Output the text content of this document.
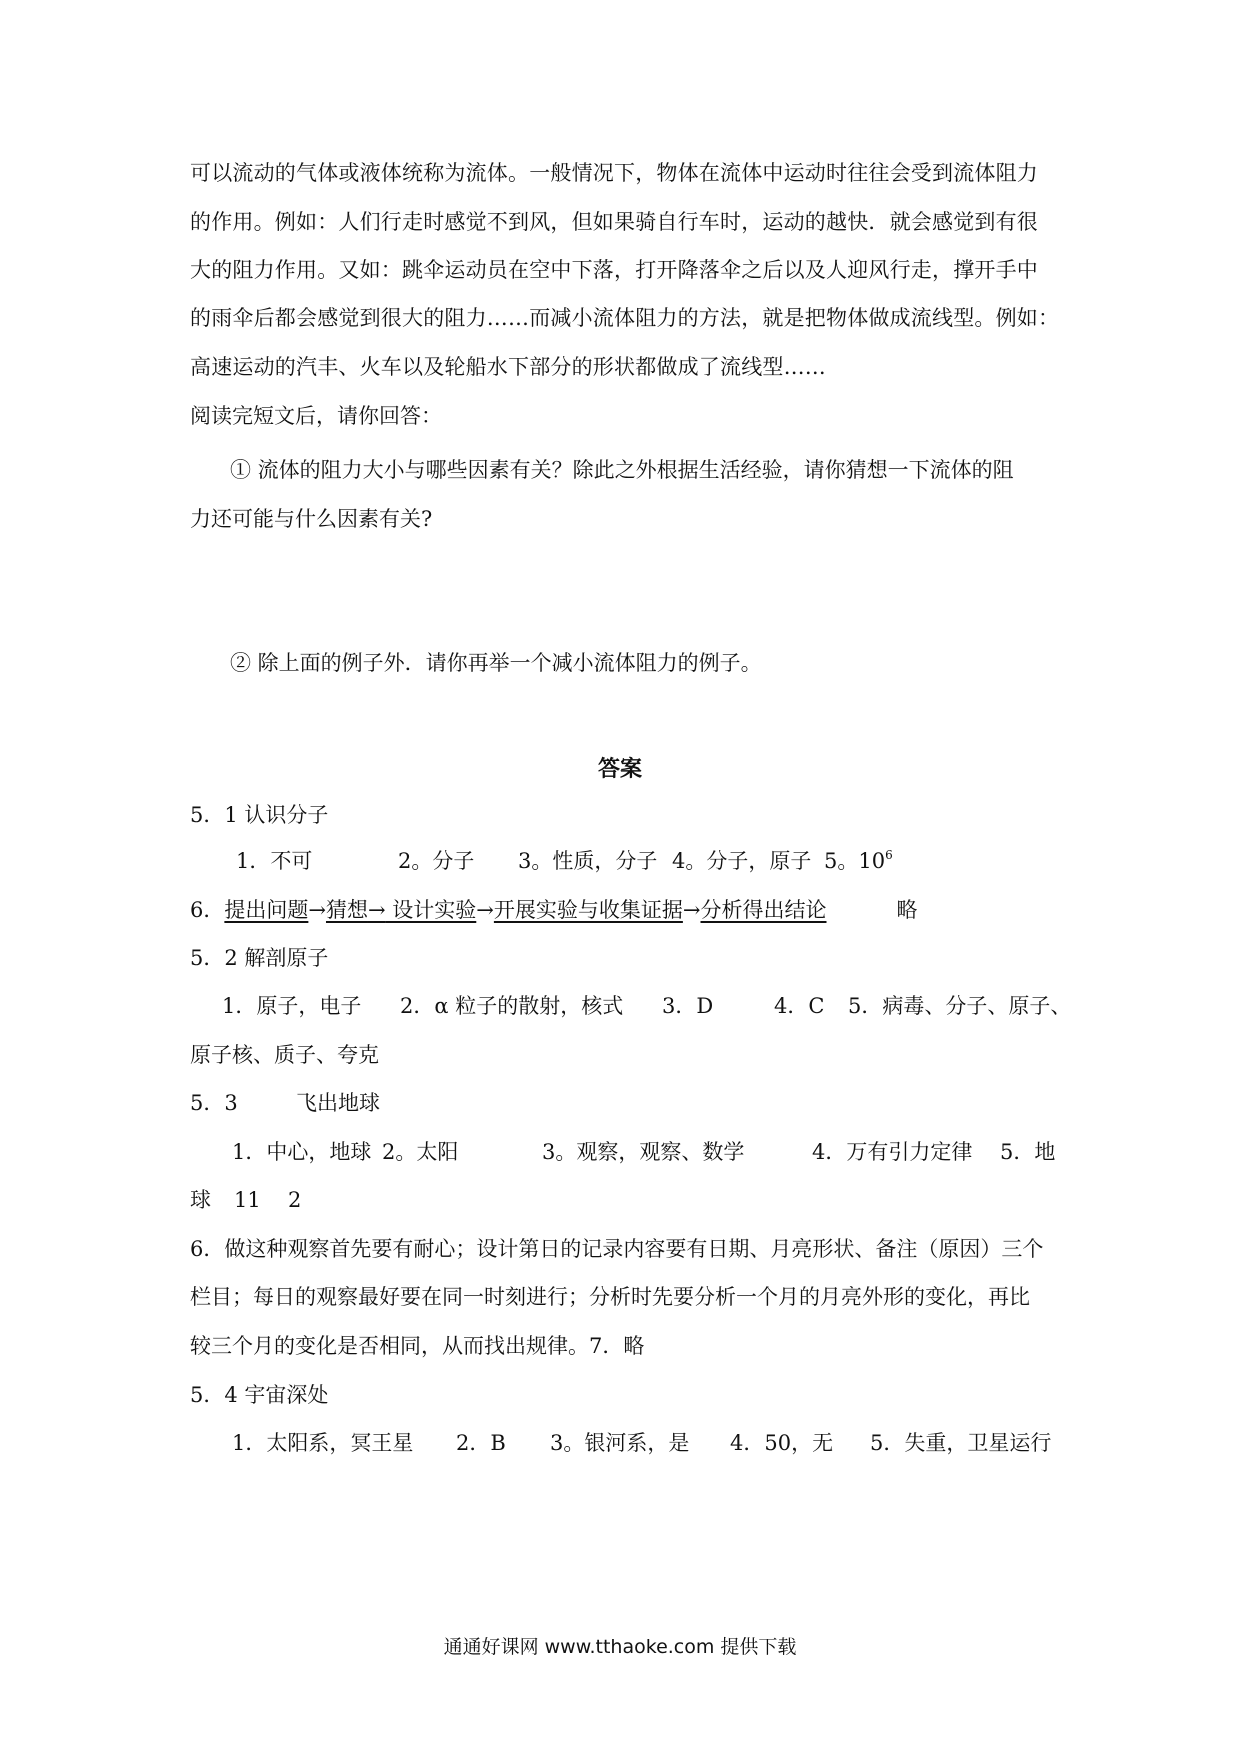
可以流动的气体或液体统称为流体。一般情况下，物体在流体中运动时往往会受到流体阻力
的作用。例如：人们行走时感觉不到风，但如果骑自行车时，运动的越快．就会感觉到有很
大的阻力作用。又如：跳伞运动员在空中下落，打开降落伞之后以及人迎风行走，撑开手中
的雨伞后都会感觉到很大的阻力……而减小流体阻力的方法，就是把物体做成流线型。例如：
高速运动的汽丰、火车以及轮船水下部分的形状都做成了流线型……
阅读完短文后，请你回答：
① 流体的阻力大小与哪些因素有关？除此之外根据生活经验，请你猜想一下流体的阻
力还可能与什么因素有关?
② 除上面的例子外．请你再举一个减小流体阻力的例子。
答案
5．1 认识分子
1．不可	2。分子 3。性质，分子 4。分子，原子 5。$10^6$
6．提出问题→猜想→ 设计实验→开展实验与收集证据→分析得出结论	略
5．2 解剖原子
1．原子，电子 2．α 粒子的散射，核式 3．D	4．C 5．病毒、分子、原子、
原子核、质子、夸克
5．3	飞出地球
1．中心，地球 2。太阳	3。观察，观察、数学	4．万有引力定律 5．地
球 11 2
6．做这种观察首先要有耐心；设计第日的记录内容要有日期、月亮形状、备注（原因）三个
栏目；每日的观察最好要在同一时刻进行；分析时先要分析一个月的月亮外形的变化，再比
较三个月的变化是否相同，从而找出规律。7．略
5．4 宇宙深处
1．太阳系，冥王星 2．B 3。银河系，是 4．50，无 5．失重，卫星运行
通通好课网 www.tthaoke.com 提供下载
